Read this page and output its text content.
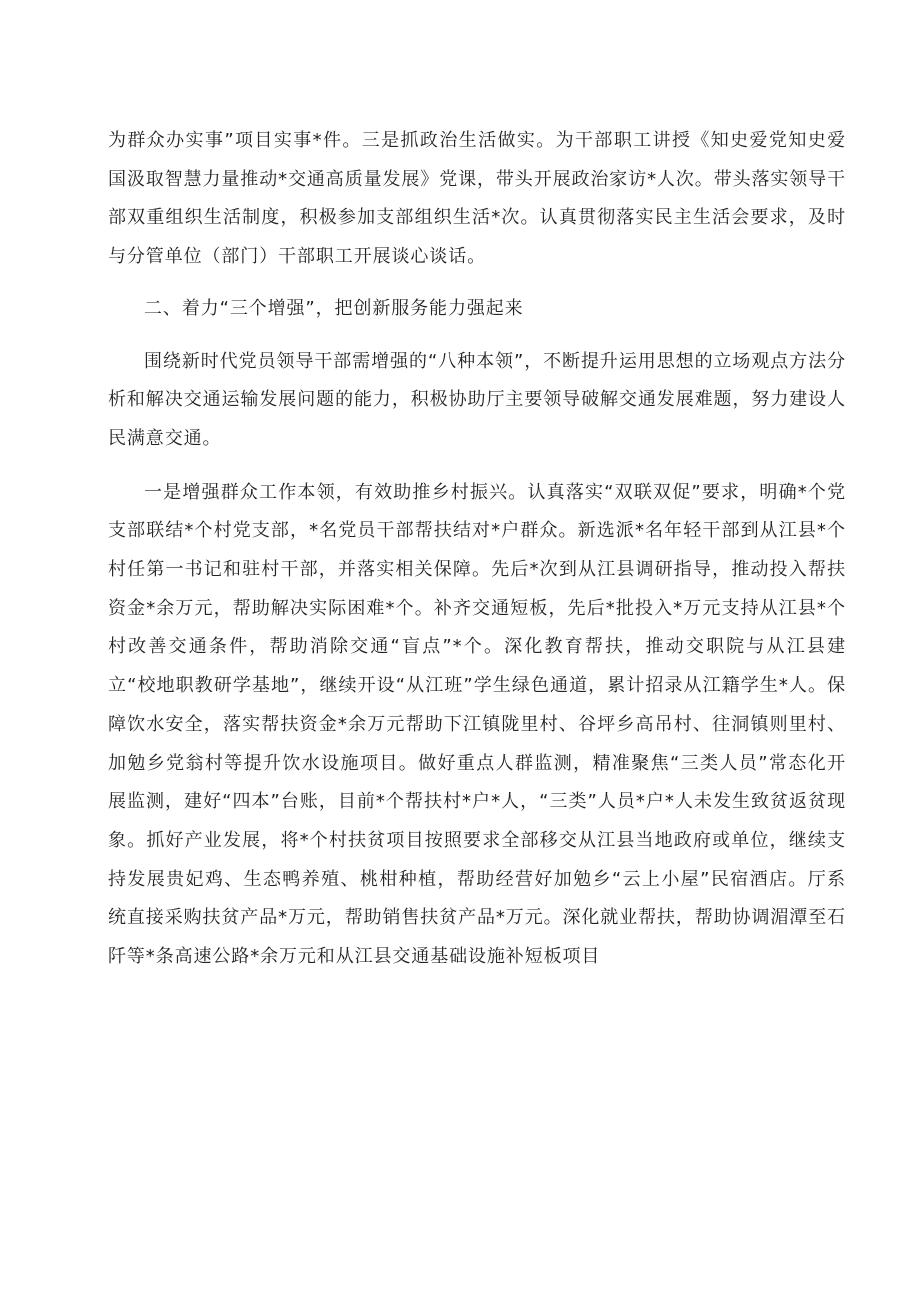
为群众办实事”项目实事*件。三是抓政治生活做实。为干部职工讲授《知史爱党知史爱国汲取智慧力量推动*交通高质量发展》党课，带头开展政治家访*人次。带头落实领导干部双重组织生活制度，积极参加支部组织生活*次。认真贯彻落实民主生活会要求，及时与分管单位（部门）干部职工开展谈心谈话。

二、着力“三个增强”，把创新服务能力强起来

围绕新时代党员领导干部需增强的“八种本领”，不断提升运用思想的立场观点方法分析和解决交通运输发展问题的能力，积极协助厅主要领导破解交通发展难题，努力建设人民满意交通。

一是增强群众工作本领，有效助推乡村振兴。认真落实“双联双促”要求，明确*个党支部联结*个村党支部，*名党员干部帮扶结对*户群众。新选派*名年轻干部到从江县*个村任第一书记和驻村干部，并落实相关保障。先后*次到从江县调研指导，推动投入帮扶资金*余万元，帮助解决实际困难*个。补齐交通短板，先后*批投入*万元支持从江县*个村改善交通条件，帮助消除交通“盲点”*个。深化教育帮扶，推动交职院与从江县建立“校地职教研学基地”，继续开设“从江班”学生绿色通道，累计招录从江籍学生*人。保障饮水安全，落实帮扶资金*余万元帮助下江镇陇里村、谷坪乡高吊村、往洞镇则里村、加勉乡党翁村等提升饮水设施项目。做好重点人群监测，精准聚焦“三类人员”常态化开展监测，建好“四本”台账，目前*个帮扶村*户*人，“三类”人员*户*人未发生致贫返贫现象。抓好产业发展，将*个村扶贫项目按照要求全部移交从江县当地政府或单位，继续支持发展贵妃鸡、生态鸭养殖、桃柑种植，帮助经营好加勉乡“云上小屋”民宿酒店。厅系统直接采购扶贫产品*万元，帮助销售扶贫产品*万元。深化就业帮扶，帮助协调湄潭至石阡等*条高速公路*余万元和从江县交通基础设施补短板项目
